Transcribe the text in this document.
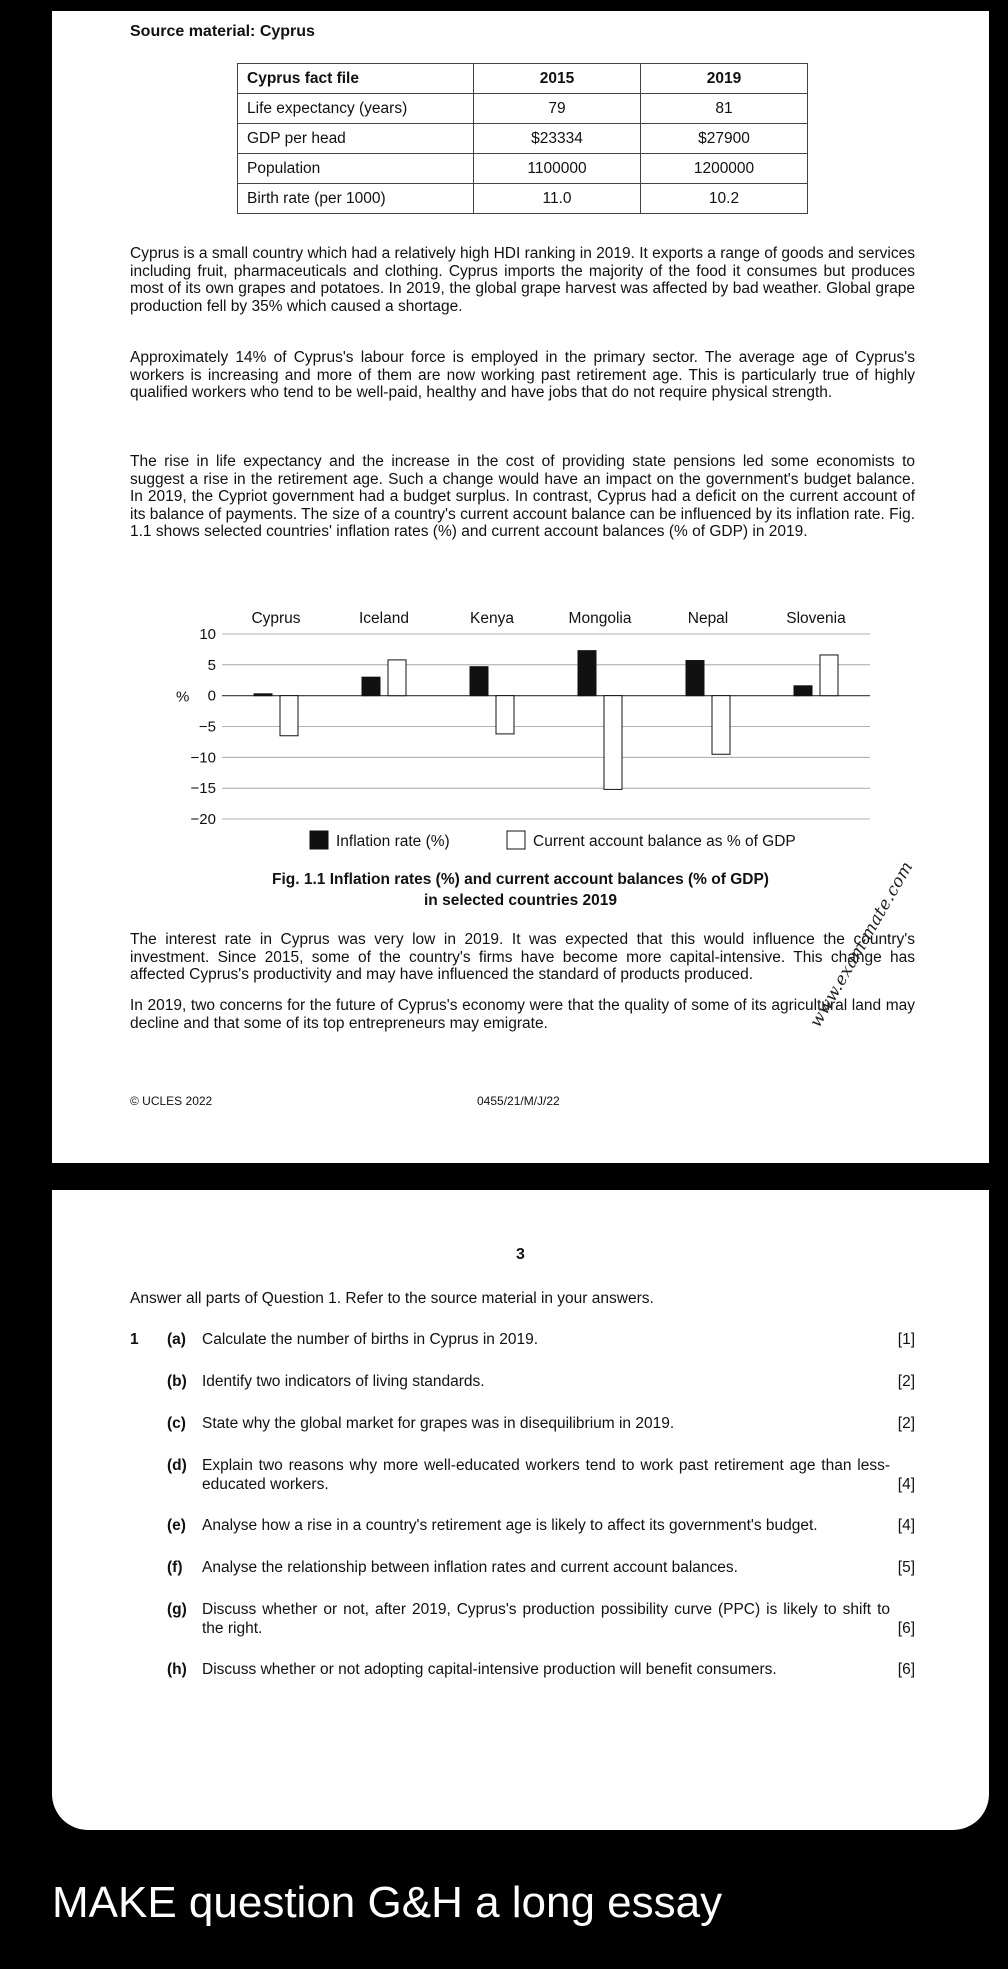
Source material: Cyprus
Cyprus fact file	2015	2019
Life expectancy (years)	79	81
GDP per head	$23334	$27900
Population	1100000	1200000
Birth rate (per 1000)	11.0	10.2
Cyprus is a small country which had a relatively high HDI ranking in 2019. It exports a range of goods and services including fruit, pharmaceuticals and clothing. Cyprus imports the majority of the food it consumes but produces most of its own grapes and potatoes. In 2019, the global grape harvest was affected by bad weather. Global grape production fell by 35% which caused a shortage.
Approximately 14% of Cyprus's labour force is employed in the primary sector. The average age of Cyprus's workers is increasing and more of them are now working past retirement age. This is particularly true of highly qualified workers who tend to be well-paid, healthy and have jobs that do not require physical strength.
The rise in life expectancy and the increase in the cost of providing state pensions led some economists to suggest a rise in the retirement age. Such a change would have an impact on the government's budget balance. In 2019, the Cypriot government had a budget surplus. In contrast, Cyprus had a deficit on the current account of its balance of payments. The size of a country's current account balance can be influenced by its inflation rate. Fig. 1.1 shows selected countries' inflation rates (%) and current account balances (% of GDP) in 2019.
10
5
0
−5
−10
−15
−20
%
Cyprus	Iceland	Kenya	Mongolia	Nepal	Slovenia
Inflation rate (%)	Current account balance as % of GDP
Fig. 1.1 Inflation rates (%) and current account balances (% of GDP)
in selected countries 2019
The interest rate in Cyprus was very low in 2019. It was expected that this would influence the country's investment. Since 2015, some of the country's firms have become more capital-intensive. This change has affected Cyprus's productivity and may have influenced the standard of products produced.
In 2019, two concerns for the future of Cyprus's economy were that the quality of some of its agricultural land may decline and that some of its top entrepreneurs may emigrate.
© UCLES 2022	0455/21/M/J/22
www.exam-mate.com
3
Answer all parts of Question 1. Refer to the source material in your answers.
1 (a) Calculate the number of births in Cyprus in 2019.	[1]
(b) Identify two indicators of living standards.	[2]
(c) State why the global market for grapes was in disequilibrium in 2019.	[2]
(d) Explain two reasons why more well-educated workers tend to work past retirement age than less-educated workers.	[4]
(e) Analyse how a rise in a country's retirement age is likely to affect its government's budget.	[4]
(f) Analyse the relationship between inflation rates and current account balances.	[5]
(g) Discuss whether or not, after 2019, Cyprus's production possibility curve (PPC) is likely to shift to the right.	[6]
(h) Discuss whether or not adopting capital-intensive production will benefit consumers.	[6]
MAKE question G&H a long essay
